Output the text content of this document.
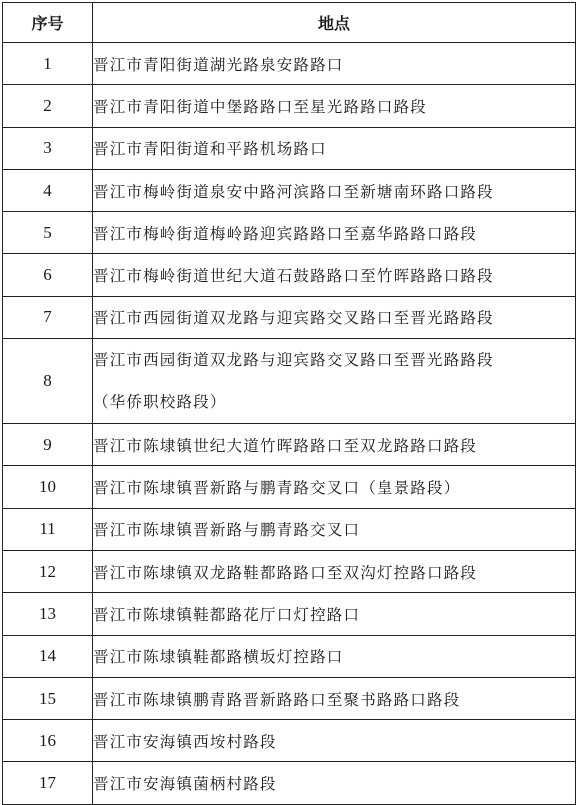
序号	地点
1	晋江市青阳街道湖光路泉安路路口
2	晋江市青阳街道中堡路路口至星光路路口路段
3	晋江市青阳街道和平路机场路口
4	晋江市梅岭街道泉安中路河滨路口至新塘南环路口路段
5	晋江市梅岭街道梅岭路迎宾路路口至嘉华路路口路段
6	晋江市梅岭街道世纪大道石鼓路路口至竹晖路路口路段
7	晋江市西园街道双龙路与迎宾路交叉路口至晋光路路段
8	晋江市西园街道双龙路与迎宾路交叉路口至晋光路路段
（华侨职校路段）

9	晋江市陈埭镇世纪大道竹晖路路口至双龙路路口路段
10	晋江市陈埭镇晋新路与鹏青路交叉口（皇景路段）
11	晋江市陈埭镇晋新路与鹏青路交叉口
12	晋江市陈埭镇双龙路鞋都路路口至双沟灯控路口路段
13	晋江市陈埭镇鞋都路花厅口灯控路口
14	晋江市陈埭镇鞋都路横坂灯控路口
15	晋江市陈埭镇鹏青路晋新路路口至聚书路路口路段
16	晋江市安海镇西垵村路段
17	晋江市安海镇菌柄村路段
